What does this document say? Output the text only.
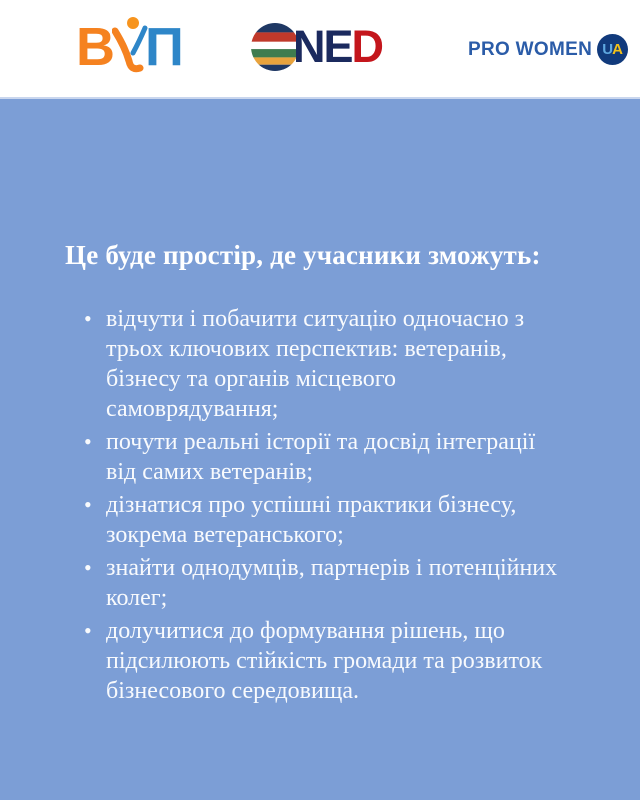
В П NE D	PRO WOMEN U A
Це буде простір, де учасники зможуть:
• відчути і побачити ситуацію одночасно з трьох ключових перспектив: ветеранів, бізнесу та органів місцевого самоврядування;
• почути реальні історії та досвід інтеграції від самих ветеранів;
• дізнатися про успішні практики бізнесу, зокрема ветеранського;
• знайти однодумців, партнерів і потенційних колег;
• долучитися до формування рішень, що підсилюють стійкість громади та розвиток бізнесового середовища.
